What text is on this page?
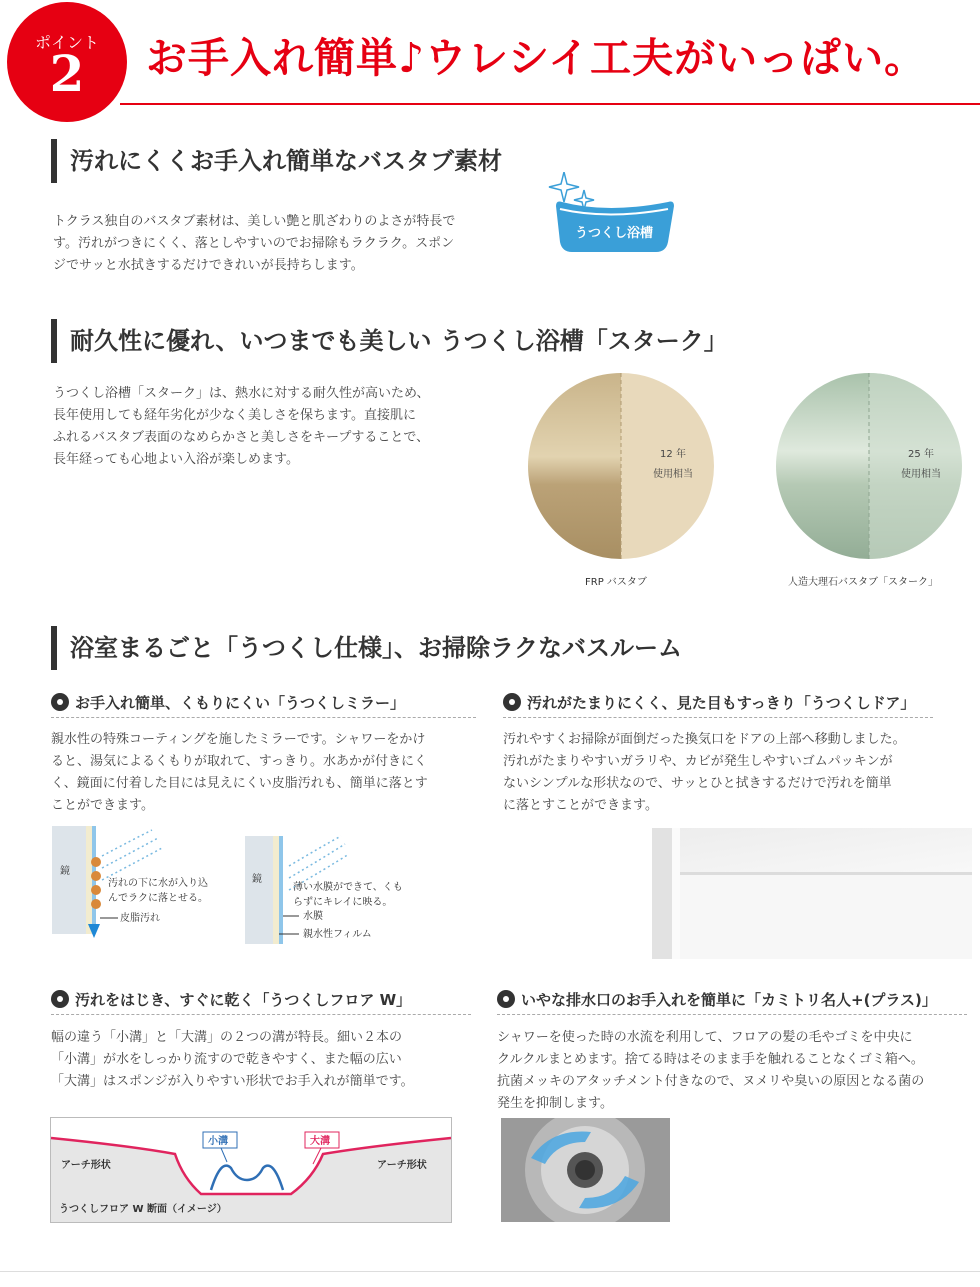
ポイント
2	お手入れ簡単♪ウレシイ工夫がいっぱい。
汚れにくくお手入れ簡単なバスタブ素材
トクラス独自のバスタブ素材は、美しい艶と肌ざわりのよさが特長で
す。汚れがつきにくく、落としやすいのでお掃除もラクラク。スポン
ジでサッと水拭きするだけできれいが長持ちします。
うつくし浴槽
耐久性に優れ、いつまでも美しい うつくし浴槽「スターク」
うつくし浴槽「スターク」は、熱水に対する耐久性が高いため、
長年使用しても経年劣化が少なく美しさを保ちます。直接肌に
ふれるバスタブ表面のなめらかさと美しさをキープすることで、
長年経っても心地よい入浴が楽しめます。	12 年
使用相当
FRP バスタブ
25 年
使用相当
人造大理石バスタブ「スターク」
浴室まるごと「うつくし仕様」、お掃除ラクなバスルーム
お手入れ簡単、くもりにくい「うつくしミラー」
親水性の特殊コーティングを施したミラーです。シャワーをかけ
ると、湯気によるくもりが取れて、すっきり。水あかが付きにく
く、鏡面に付着した目には見えにくい皮脂汚れも、簡単に落とす
ことができます。
鏡
汚れの下に水が入り込
んでラクに落とせる。
皮脂汚れ
鏡
薄い水膜ができて、くも
らずにキレイに映る。
水膜
親水性フィルム
汚れがたまりにくく、見た目もすっきり「うつくしドア」
汚れやすくお掃除が面倒だった換気口をドアの上部へ移動しました。
汚れがたまりやすいガラリや、カビが発生しやすいゴムパッキンが
ないシンプルな形状なので、サッとひと拭きするだけで汚れを簡単
に落とすことができます。
汚れをはじき、すぐに乾く「うつくしフロア W」
幅の違う「小溝」と「大溝」の２つの溝が特長。細い２本の
「小溝」が水をしっかり流すので乾きやすく、また幅の広い
「大溝」はスポンジが入りやすい形状でお手入れが簡単です。
小溝	大溝
アーチ形状	アーチ形状
うつくしフロア W 断面（イメージ）
いやな排水口のお手入れを簡単に「カミトリ名人+(プラス)」
シャワーを使った時の水流を利用して、フロアの髪の毛やゴミを中央に
クルクルまとめます。捨てる時はそのまま手を触れることなくゴミ箱へ。
抗菌メッキのアタッチメント付きなので、ヌメリや臭いの原因となる菌の
発生を抑制します。
